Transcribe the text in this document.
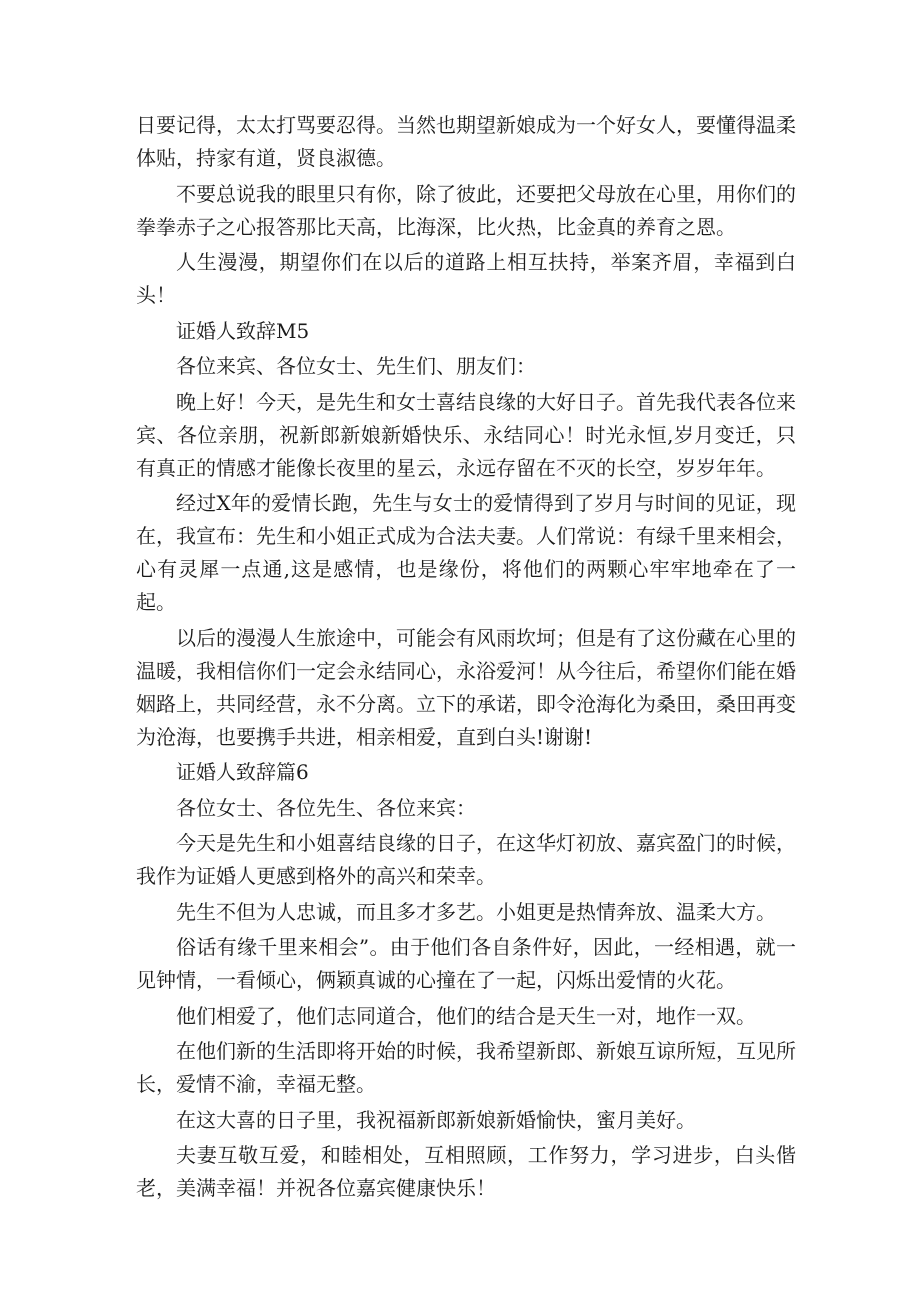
日要记得，太太打骂要忍得。当然也期望新娘成为一个好女人，要懂得温柔体贴，持家有道，贤良淑德。

不要总说我的眼里只有你，除了彼此，还要把父母放在心里，用你们的拳拳赤子之心报答那比天高，比海深，比火热，比金真的养育之恩。

人生漫漫，期望你们在以后的道路上相互扶持，举案齐眉，幸福到白头！

证婚人致辞M5

各位来宾、各位女士、先生们、朋友们：

晚上好！今天，是先生和女士喜结良缘的大好日子。首先我代表各位来宾、各位亲朋，祝新郎新娘新婚快乐、永结同心！时光永恒,岁月变迁，只有真正的情感才能像长夜里的星云，永远存留在不灭的长空，岁岁年年。

经过X年的爱情长跑，先生与女士的爱情得到了岁月与时间的见证，现在，我宣布：先生和小姐正式成为合法夫妻。人们常说：有绿千里来相会，心有灵犀一点通,这是感情，也是缘份，将他们的两颗心牢牢地牵在了一起。

以后的漫漫人生旅途中，可能会有风雨坎坷；但是有了这份藏在心里的温暖，我相信你们一定会永结同心，永浴爱河！从今往后，希望你们能在婚姻路上，共同经营，永不分离。立下的承诺，即令沧海化为桑田，桑田再变为沧海，也要携手共进，相亲相爱，直到白头!谢谢!

证婚人致辞篇6

各位女士、各位先生、各位来宾：

今天是先生和小姐喜结良缘的日子，在这华灯初放、嘉宾盈门的时候，我作为证婚人更感到格外的高兴和荣幸。

先生不但为人忠诚，而且多才多艺。小姐更是热情奔放、温柔大方。

俗话有缘千里来相会”。由于他们各自条件好，因此，一经相遇，就一见钟情，一看倾心，俩颖真诚的心撞在了一起，闪烁出爱情的火花。

他们相爱了，他们志同道合，他们的结合是天生一对，地作一双。

在他们新的生活即将开始的时候，我希望新郎、新娘互谅所短，互见所长，爱情不渝，幸福无整。

在这大喜的日子里，我祝福新郎新娘新婚愉快，蜜月美好。

夫妻互敬互爱，和睦相处，互相照顾，工作努力，学习进步，白头偕老，美满幸福！并祝各位嘉宾健康快乐！
